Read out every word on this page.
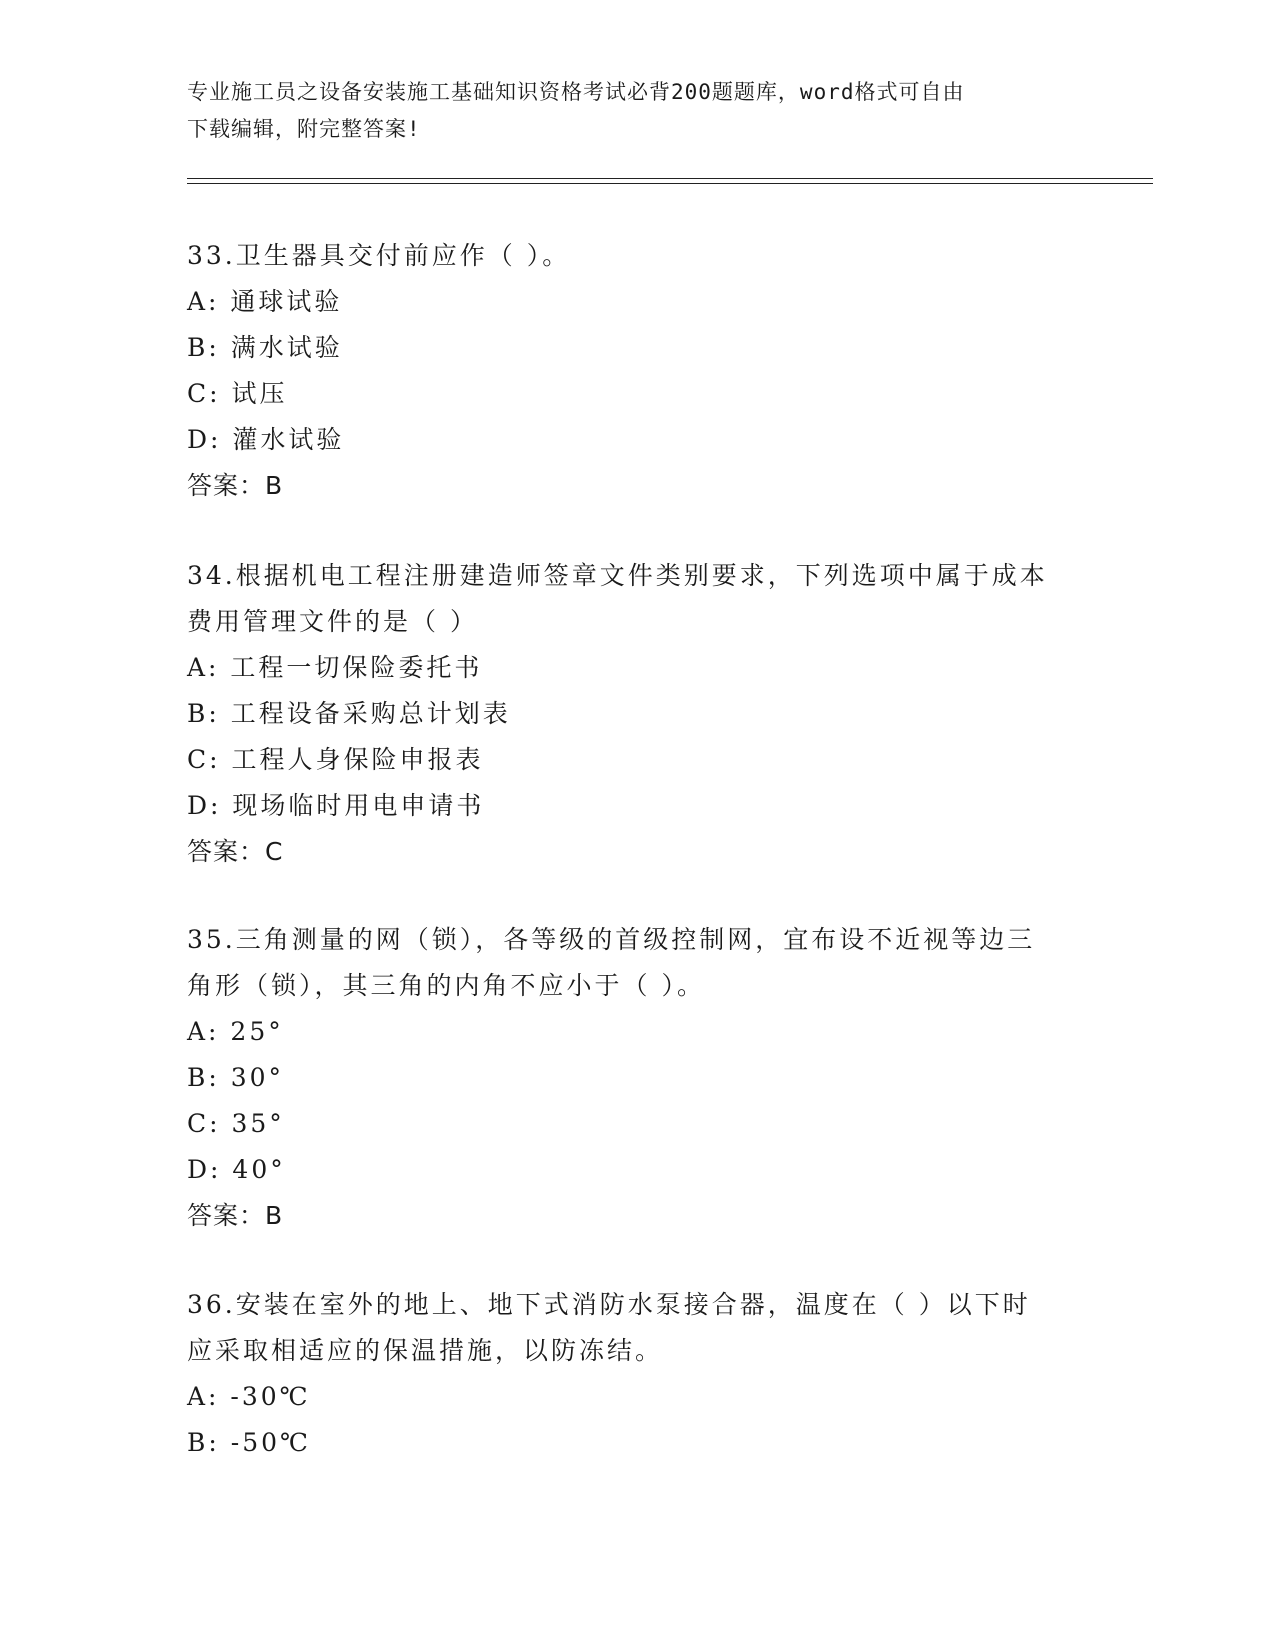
专业施工员之设备安装施工基础知识资格考试必背200题题库，word格式可自由
下载编辑，附完整答案!
33.卫生器具交付前应作（ ）。
A: 通球试验
B: 满水试验
C: 试压
D: 灌水试验
答案：B
34.根据机电工程注册建造师签章文件类别要求，下列选项中属于成本
费用管理文件的是（ ）
A: 工程一切保险委托书
B: 工程设备采购总计划表
C: 工程人身保险申报表
D: 现场临时用电申请书
答案：C
35.三角测量的网（锁），各等级的首级控制网，宜布设不近视等边三
角形（锁），其三角的内角不应小于（ ）。
A: 25°
B: 30°
C: 35°
D: 40°
答案：B
36.安装在室外的地上、地下式消防水泵接合器，温度在（ ）以下时
应采取相适应的保温措施，以防冻结。
A: -30℃
B: -50℃
